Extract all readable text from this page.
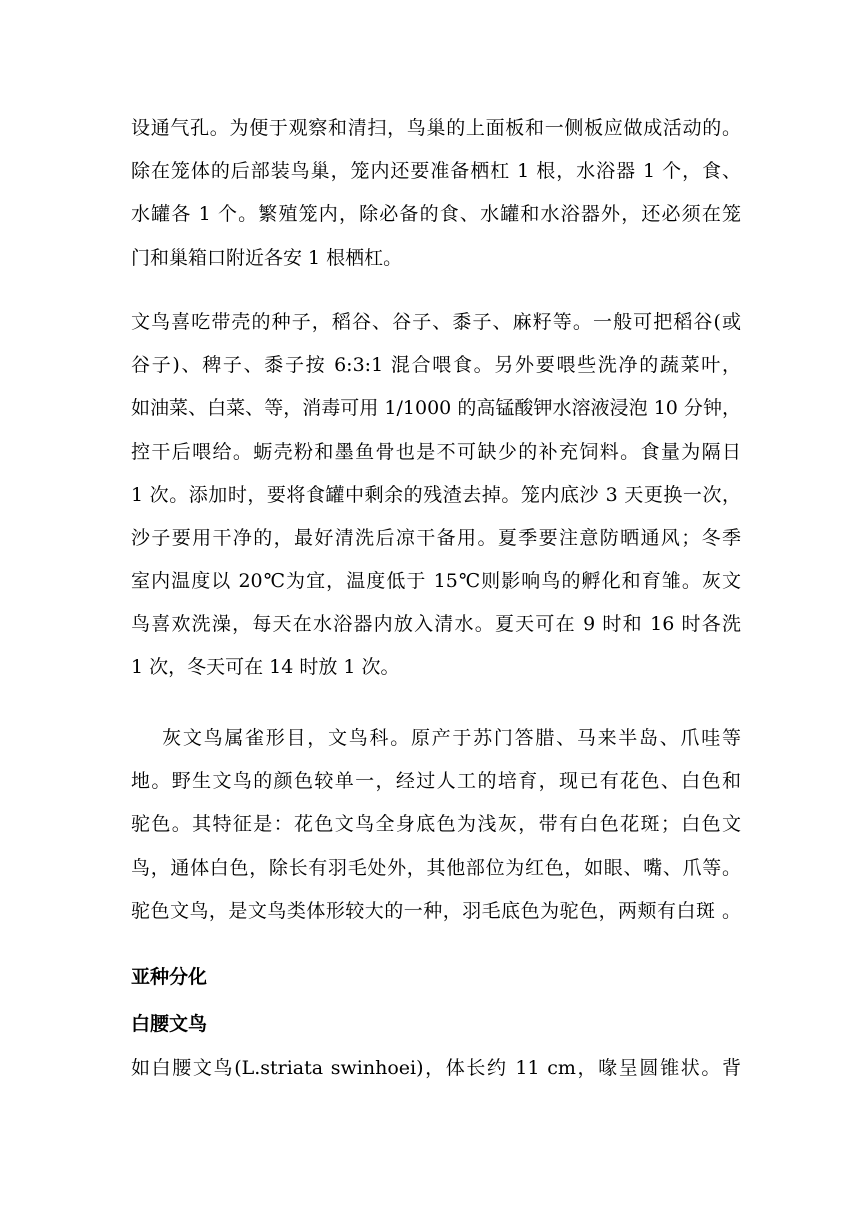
设通气孔。为便于观察和清扫，鸟巢的上面板和一侧板应做成活动的。
除在笼体的后部装鸟巢，笼内还要准备栖杠 1 根，水浴器 1 个，食、
水罐各 1 个。繁殖笼内，除必备的食、水罐和水浴器外，还必须在笼
门和巢箱口附近各安 1 根栖杠。
文鸟喜吃带壳的种子，稻谷、谷子、黍子、麻籽等。一般可把稻谷(或
谷子)、稗子、黍子按 6:3:1 混合喂食。另外要喂些洗净的蔬菜叶，
如油菜、白菜、等，消毒可用 1/1000 的高锰酸钾水溶液浸泡 10 分钟，
控干后喂给。蛎壳粉和墨鱼骨也是不可缺少的补充饲料。食量为隔日
1 次。添加时，要将食罐中剩余的残渣去掉。笼内底沙 3 天更换一次，
沙子要用干净的，最好清洗后凉干备用。夏季要注意防晒通风；冬季
室内温度以 20℃为宜，温度低于 15℃则影响鸟的孵化和育雏。灰文
鸟喜欢洗澡，每天在水浴器内放入清水。夏天可在 9 时和 16 时各洗
1 次，冬天可在 14 时放 1 次。
灰文鸟属雀形目，文鸟科。原产于苏门答腊、马来半岛、爪哇等
地。野生文鸟的颜色较单一，经过人工的培育，现已有花色、白色和
驼色。其特征是：花色文鸟全身底色为浅灰，带有白色花斑；白色文
鸟，通体白色，除长有羽毛处外，其他部位为红色，如眼、嘴、爪等。
驼色文鸟，是文鸟类体形较大的一种，羽毛底色为驼色，两颊有白斑 。
亚种分化
白腰文鸟
如白腰文鸟(L.striata swinhoei)，体长约 11 cm，喙呈圆锥状。背
